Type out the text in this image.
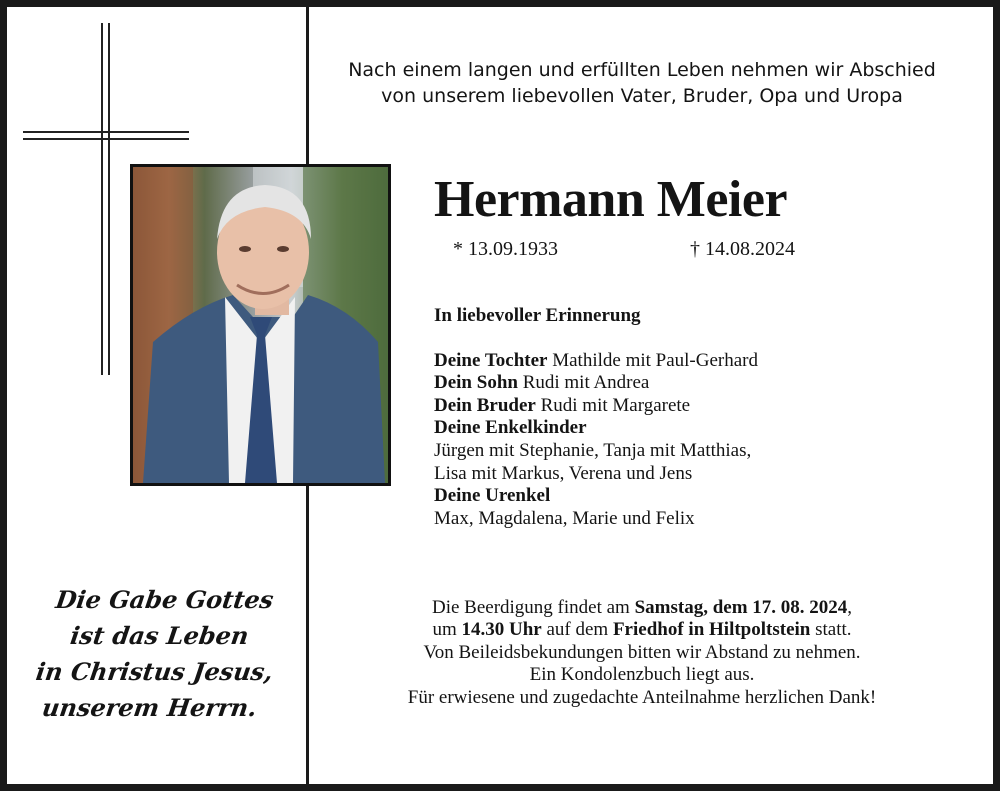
Nach einem langen und erfüllten Leben nehmen wir Abschied
von unserem liebevollen Vater, Bruder, Opa und Uropa
Hermann Meier
* 13.09.1933	† 14.08.2024
In liebevoller Erinnerung
Deine Tochter Mathilde mit Paul-Gerhard
Dein Sohn Rudi mit Andrea
Dein Bruder Rudi mit Margarete
Deine Enkelkinder
Jürgen mit Stephanie, Tanja mit Matthias,
Lisa mit Markus, Verena und Jens
Deine Urenkel
Max, Magdalena, Marie und Felix
Die Gabe Gottes
ist das Leben
in Christus Jesus,
unserem Herrn.
Die Beerdigung findet am Samstag, dem 17. 08. 2024,
um 14.30 Uhr auf dem Friedhof in Hiltpoltstein statt.
Von Beileidsbekundungen bitten wir Abstand zu nehmen.
Ein Kondolenzbuch liegt aus.
Für erwiesene und zugedachte Anteilnahme herzlichen Dank!
